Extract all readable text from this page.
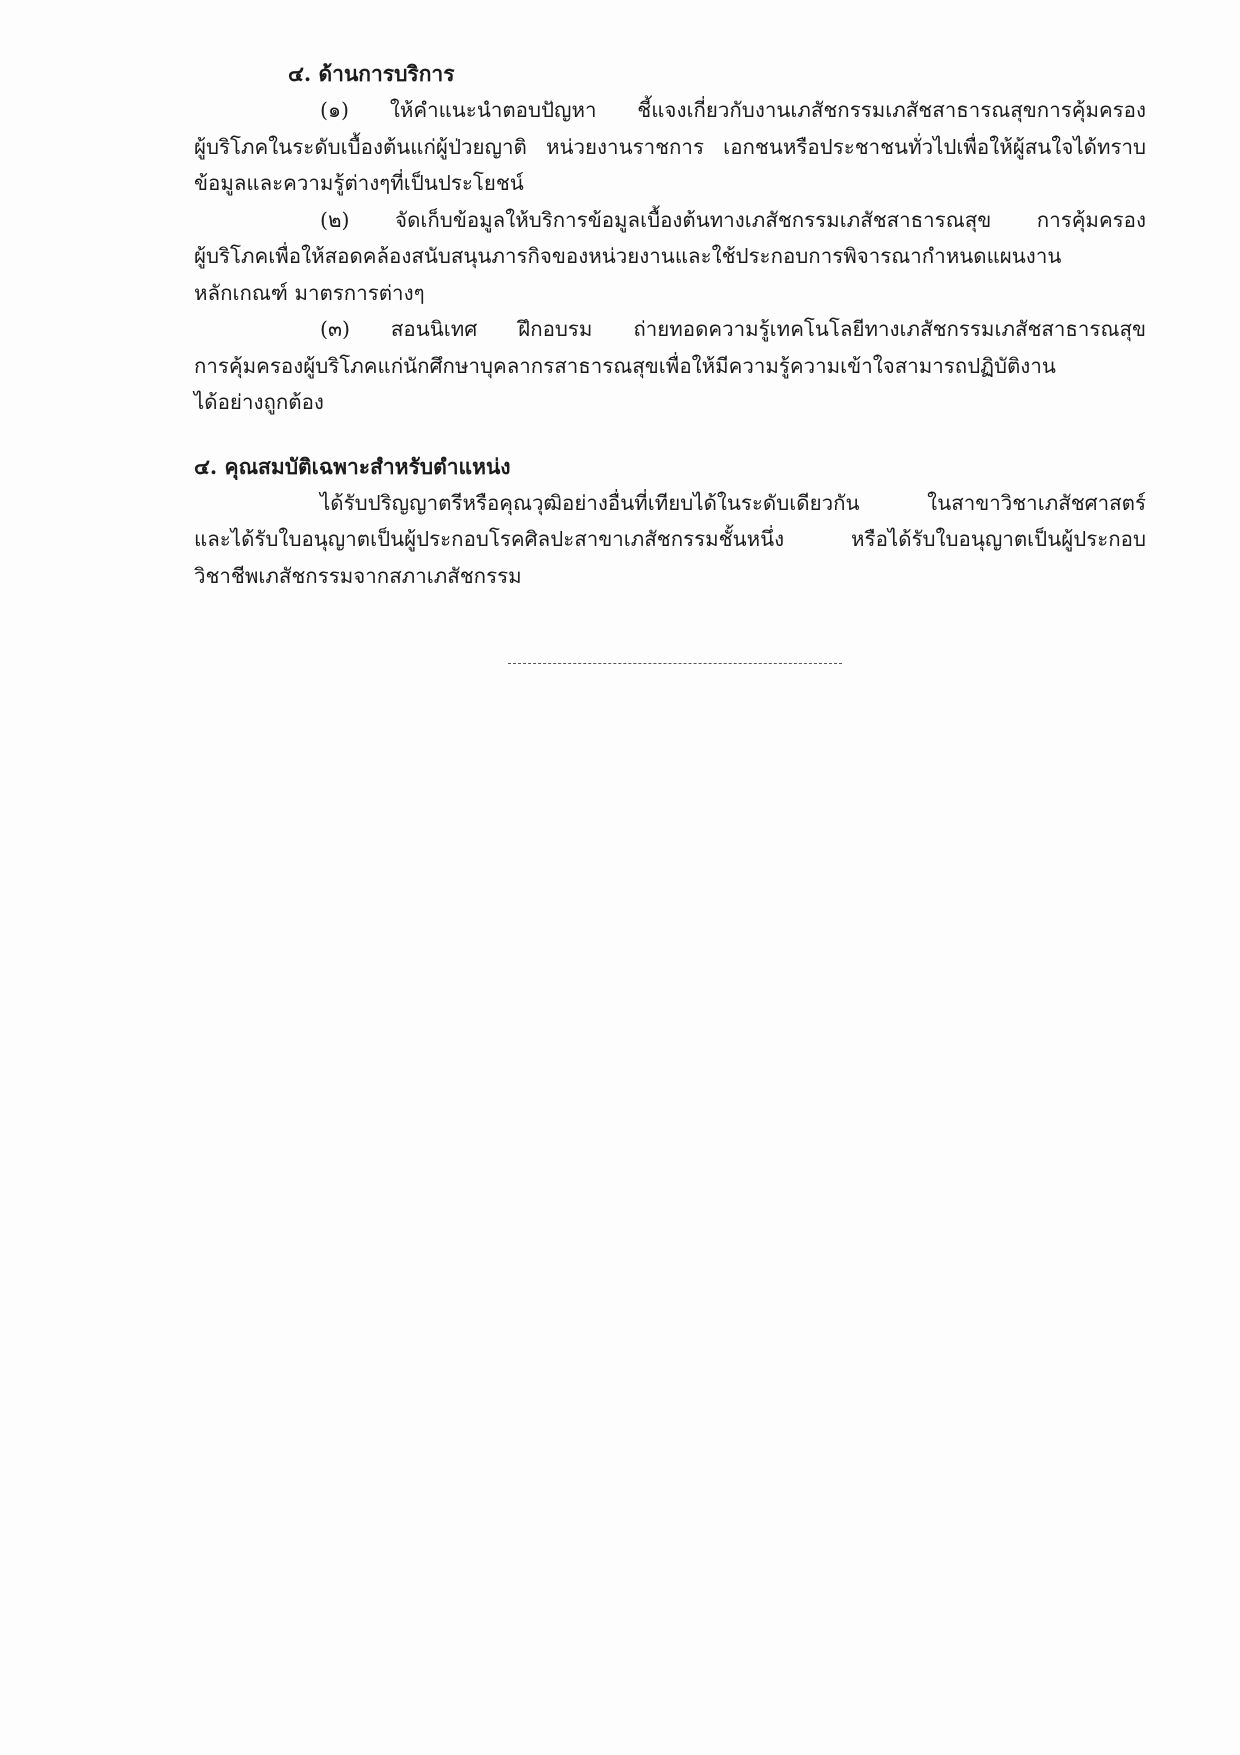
๔. ด้านการบริการ

(๑) ให้คำแนะนำตอบปัญหา ชี้แจงเกี่ยวกับงานเภสัชกรรมเภสัชสาธารณสุขการคุ้มครอง
ผู้บริโภคในระดับเบื้องต้นแก่ผู้ป่วยญาติ หน่วยงานราชการ เอกชนหรือประชาชนทั่วไปเพื่อให้ผู้สนใจได้ทราบ
ข้อมูลและความรู้ต่างๆที่เป็นประโยชน์

(๒) จัดเก็บข้อมูลให้บริการข้อมูลเบื้องต้นทางเภสัชกรรมเภสัชสาธารณสุข การคุ้มครอง
ผู้บริโภคเพื่อให้สอดคล้องสนับสนุนภารกิจของหน่วยงานและใช้ประกอบการพิจารณากำหนดแผนงาน
หลักเกณฑ์ มาตรการต่างๆ

(๓) สอนนิเทศ ฝึกอบรม ถ่ายทอดความรู้เทคโนโลยีทางเภสัชกรรมเภสัชสาธารณสุข
การคุ้มครองผู้บริโภคแก่นักศึกษาบุคลากรสาธารณสุขเพื่อให้มีความรู้ความเข้าใจสามารถปฏิบัติงาน
ได้อย่างถูกต้อง

๔. คุณสมบัติเฉพาะสำหรับตำแหน่ง

ได้รับปริญญาตรีหรือคุณวุฒิอย่างอื่นที่เทียบได้ในระดับเดียวกัน ในสาขาวิชาเภสัชศาสตร์
และได้รับใบอนุญาตเป็นผู้ประกอบโรคศิลปะสาขาเภสัชกรรมชั้นหนึ่ง หรือได้รับใบอนุญาตเป็นผู้ประกอบ
วิชาชีพเภสัชกรรมจากสภาเภสัชกรรม
